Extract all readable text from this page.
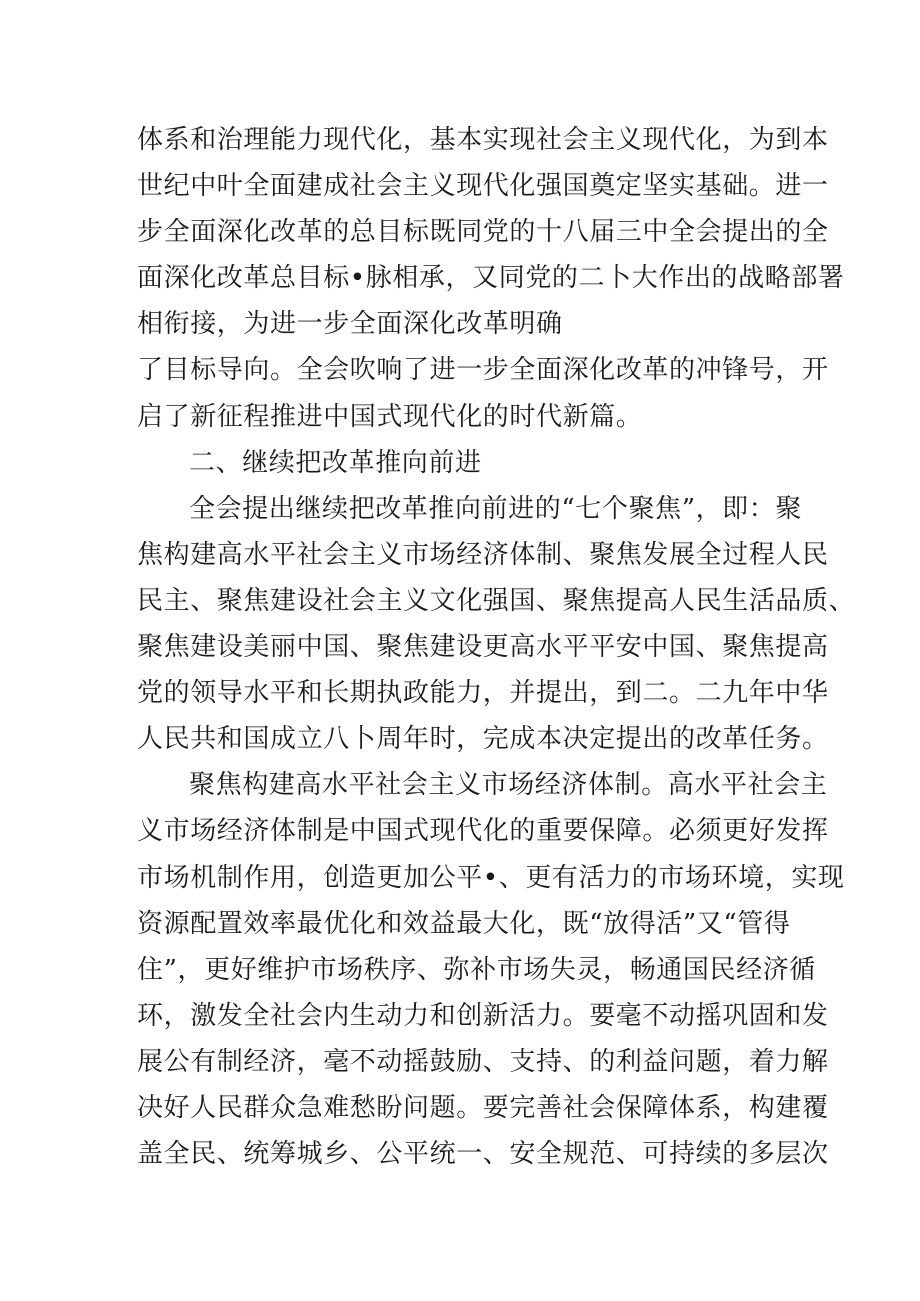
体系和治理能力现代化，基本实现社会主义现代化，为到本
世纪中叶全面建成社会主义现代化强国奠定坚实基础。进一
步全面深化改革的总目标既同党的十八届三中全会提出的全
面深化改革总目标•脉相承，又同党的二卜大作出的战略部署
相衔接，为进一步全面深化改革明确
了目标导向。全会吹响了进一步全面深化改革的冲锋号，开
启了新征程推进中国式现代化的时代新篇。
二、继续把改革推向前进
全会提出继续把改革推向前进的“七个聚焦”，即：聚
焦构建高水平社会主义市场经济体制、聚焦发展全过程人民
民主、聚焦建设社会主义文化强国、聚焦提高人民生活品质、
聚焦建设美丽中国、聚焦建设更高水平平安中国、聚焦提高
党的领导水平和长期执政能力，并提出，到二。二九年中华
人民共和国成立八卜周年时，完成本决定提出的改革任务。
聚焦构建高水平社会主义市场经济体制。高水平社会主
义市场经济体制是中国式现代化的重要保障。必须更好发挥
市场机制作用，创造更加公平•、更有活力的市场环境，实现
资源配置效率最优化和效益最大化，既“放得活”又“管得
住”，更好维护市场秩序、弥补市场失灵，畅通国民经济循
环，激发全社会内生动力和创新活力。要毫不动摇巩固和发
展公有制经济，毫不动摇鼓励、支持、的利益问题，着力解
决好人民群众急难愁盼问题。要完善社会保障体系，构建覆
盖全民、统筹城乡、公平统一、安全规范、可持续的多层次
